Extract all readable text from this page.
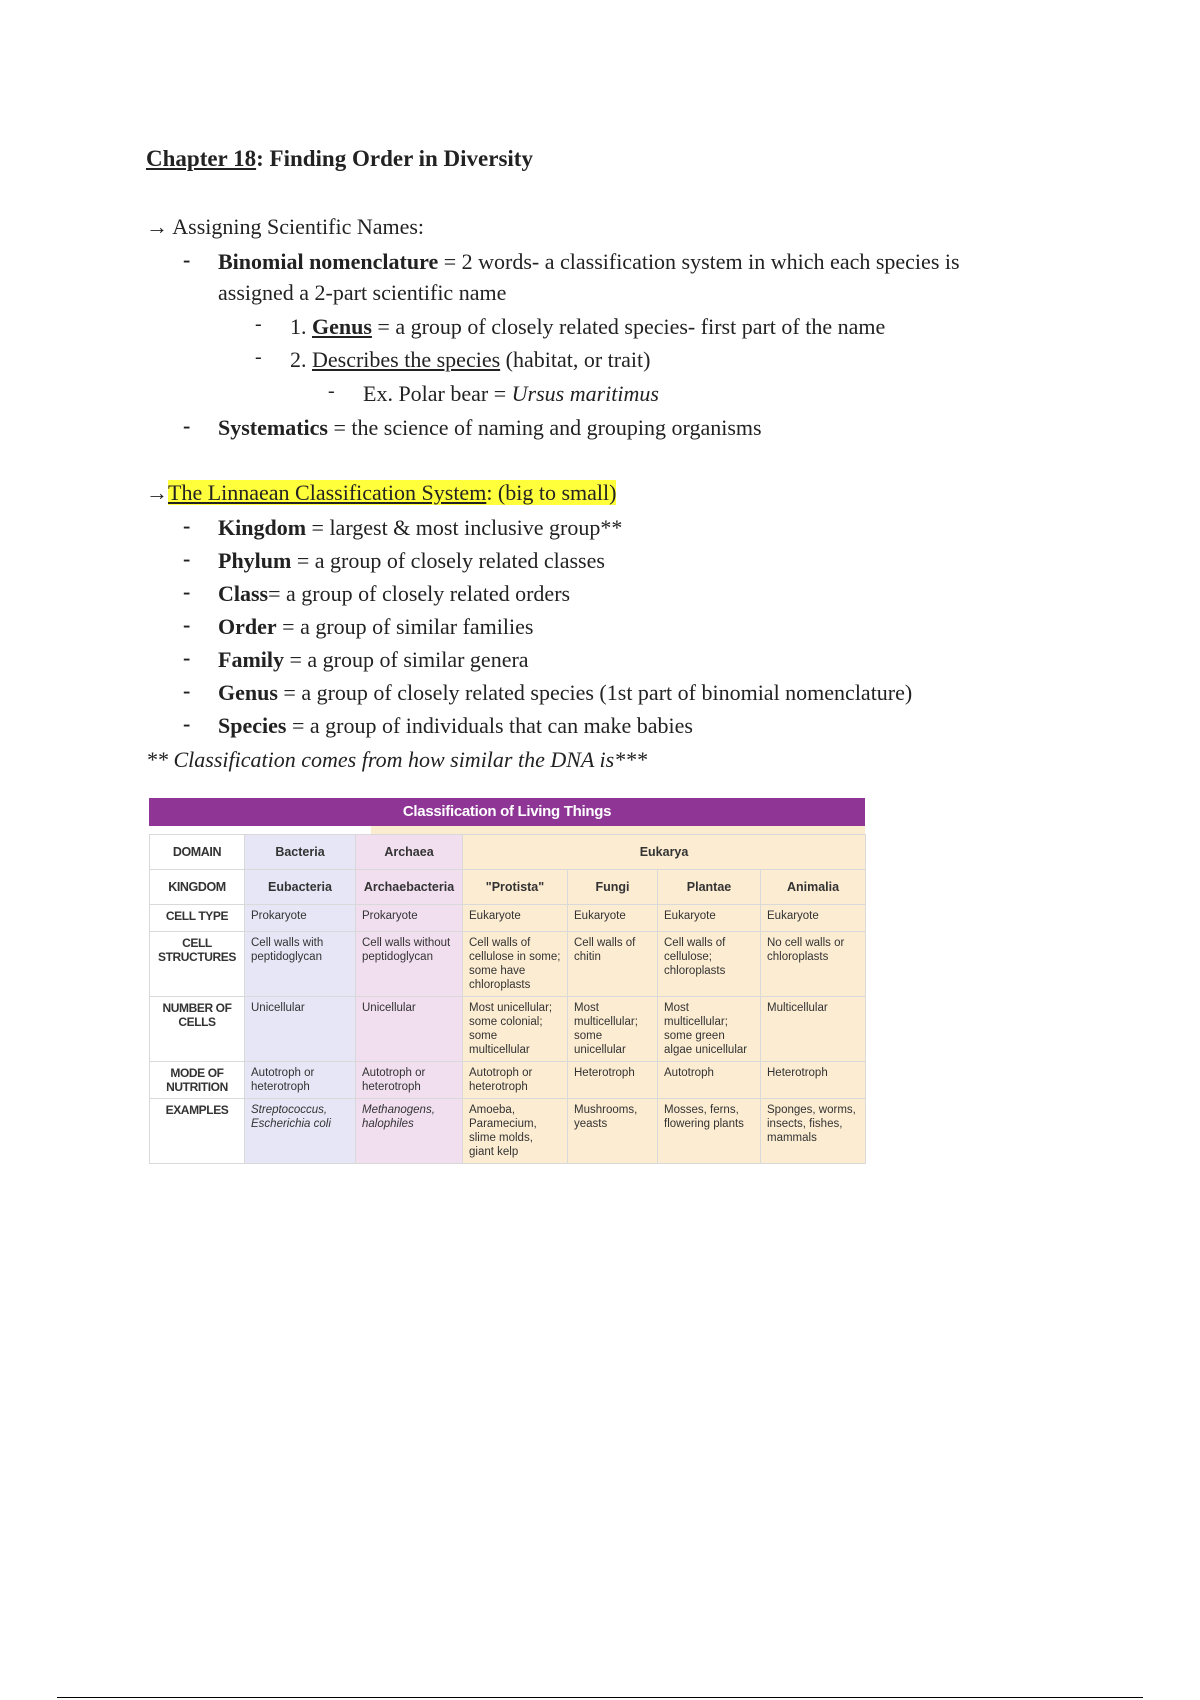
Chapter 18: Finding Order in Diversity
→ Assigning Scientific Names:
- Binomial nomenclature = 2 words- a classification system in which each species is
assigned a 2-part scientific name
- 1. Genus = a group of closely related species- first part of the name
- 2. Describes the species (habitat, or trait)
- Ex. Polar bear = Ursus maritimus
- Systematics = the science of naming and grouping organisms
→The Linnaean Classification System: (big to small)
- Kingdom = largest & most inclusive group**
- Phylum = a group of closely related classes
- Class= a group of closely related orders
- Order = a group of similar families
- Family = a group of similar genera
- Genus = a group of closely related species (1st part of binomial nomenclature)
- Species = a group of individuals that can make babies
** Classification comes from how similar the DNA is***
Classification of Living Things
DOMAIN	Bacteria	Archaea	Eukarya			
KINGDOM	Eubacteria	Archaebacteria	"Protista"	Fungi	Plantae	Animalia
CELL TYPE	Prokaryote	Prokaryote	Eukaryote	Eukaryote	Eukaryote	Eukaryote
CELL STRUCTURES	Cell walls with peptidoglycan	Cell walls without peptidoglycan	Cell walls of cellulose in some; some have chloroplasts	Cell walls of chitin	Cell walls of cellulose; chloroplasts	No cell walls or chloroplasts
NUMBER OF CELLS	Unicellular	Unicellular	Most unicellular; some colonial; some multicellular	Most multicellular; some unicellular	Most multicellular; some green algae unicellular	Multicellular
MODE OF NUTRITION	Autotroph or heterotroph	Autotroph or heterotroph	Autotroph or heterotroph	Heterotroph	Autotroph	Heterotroph
EXAMPLES	Streptococcus, Escherichia coli	Methanogens, halophiles	Amoeba, Paramecium, slime molds, giant kelp	Mushrooms, yeasts	Mosses, ferns, flowering plants	Sponges, worms, insects, fishes, mammals
